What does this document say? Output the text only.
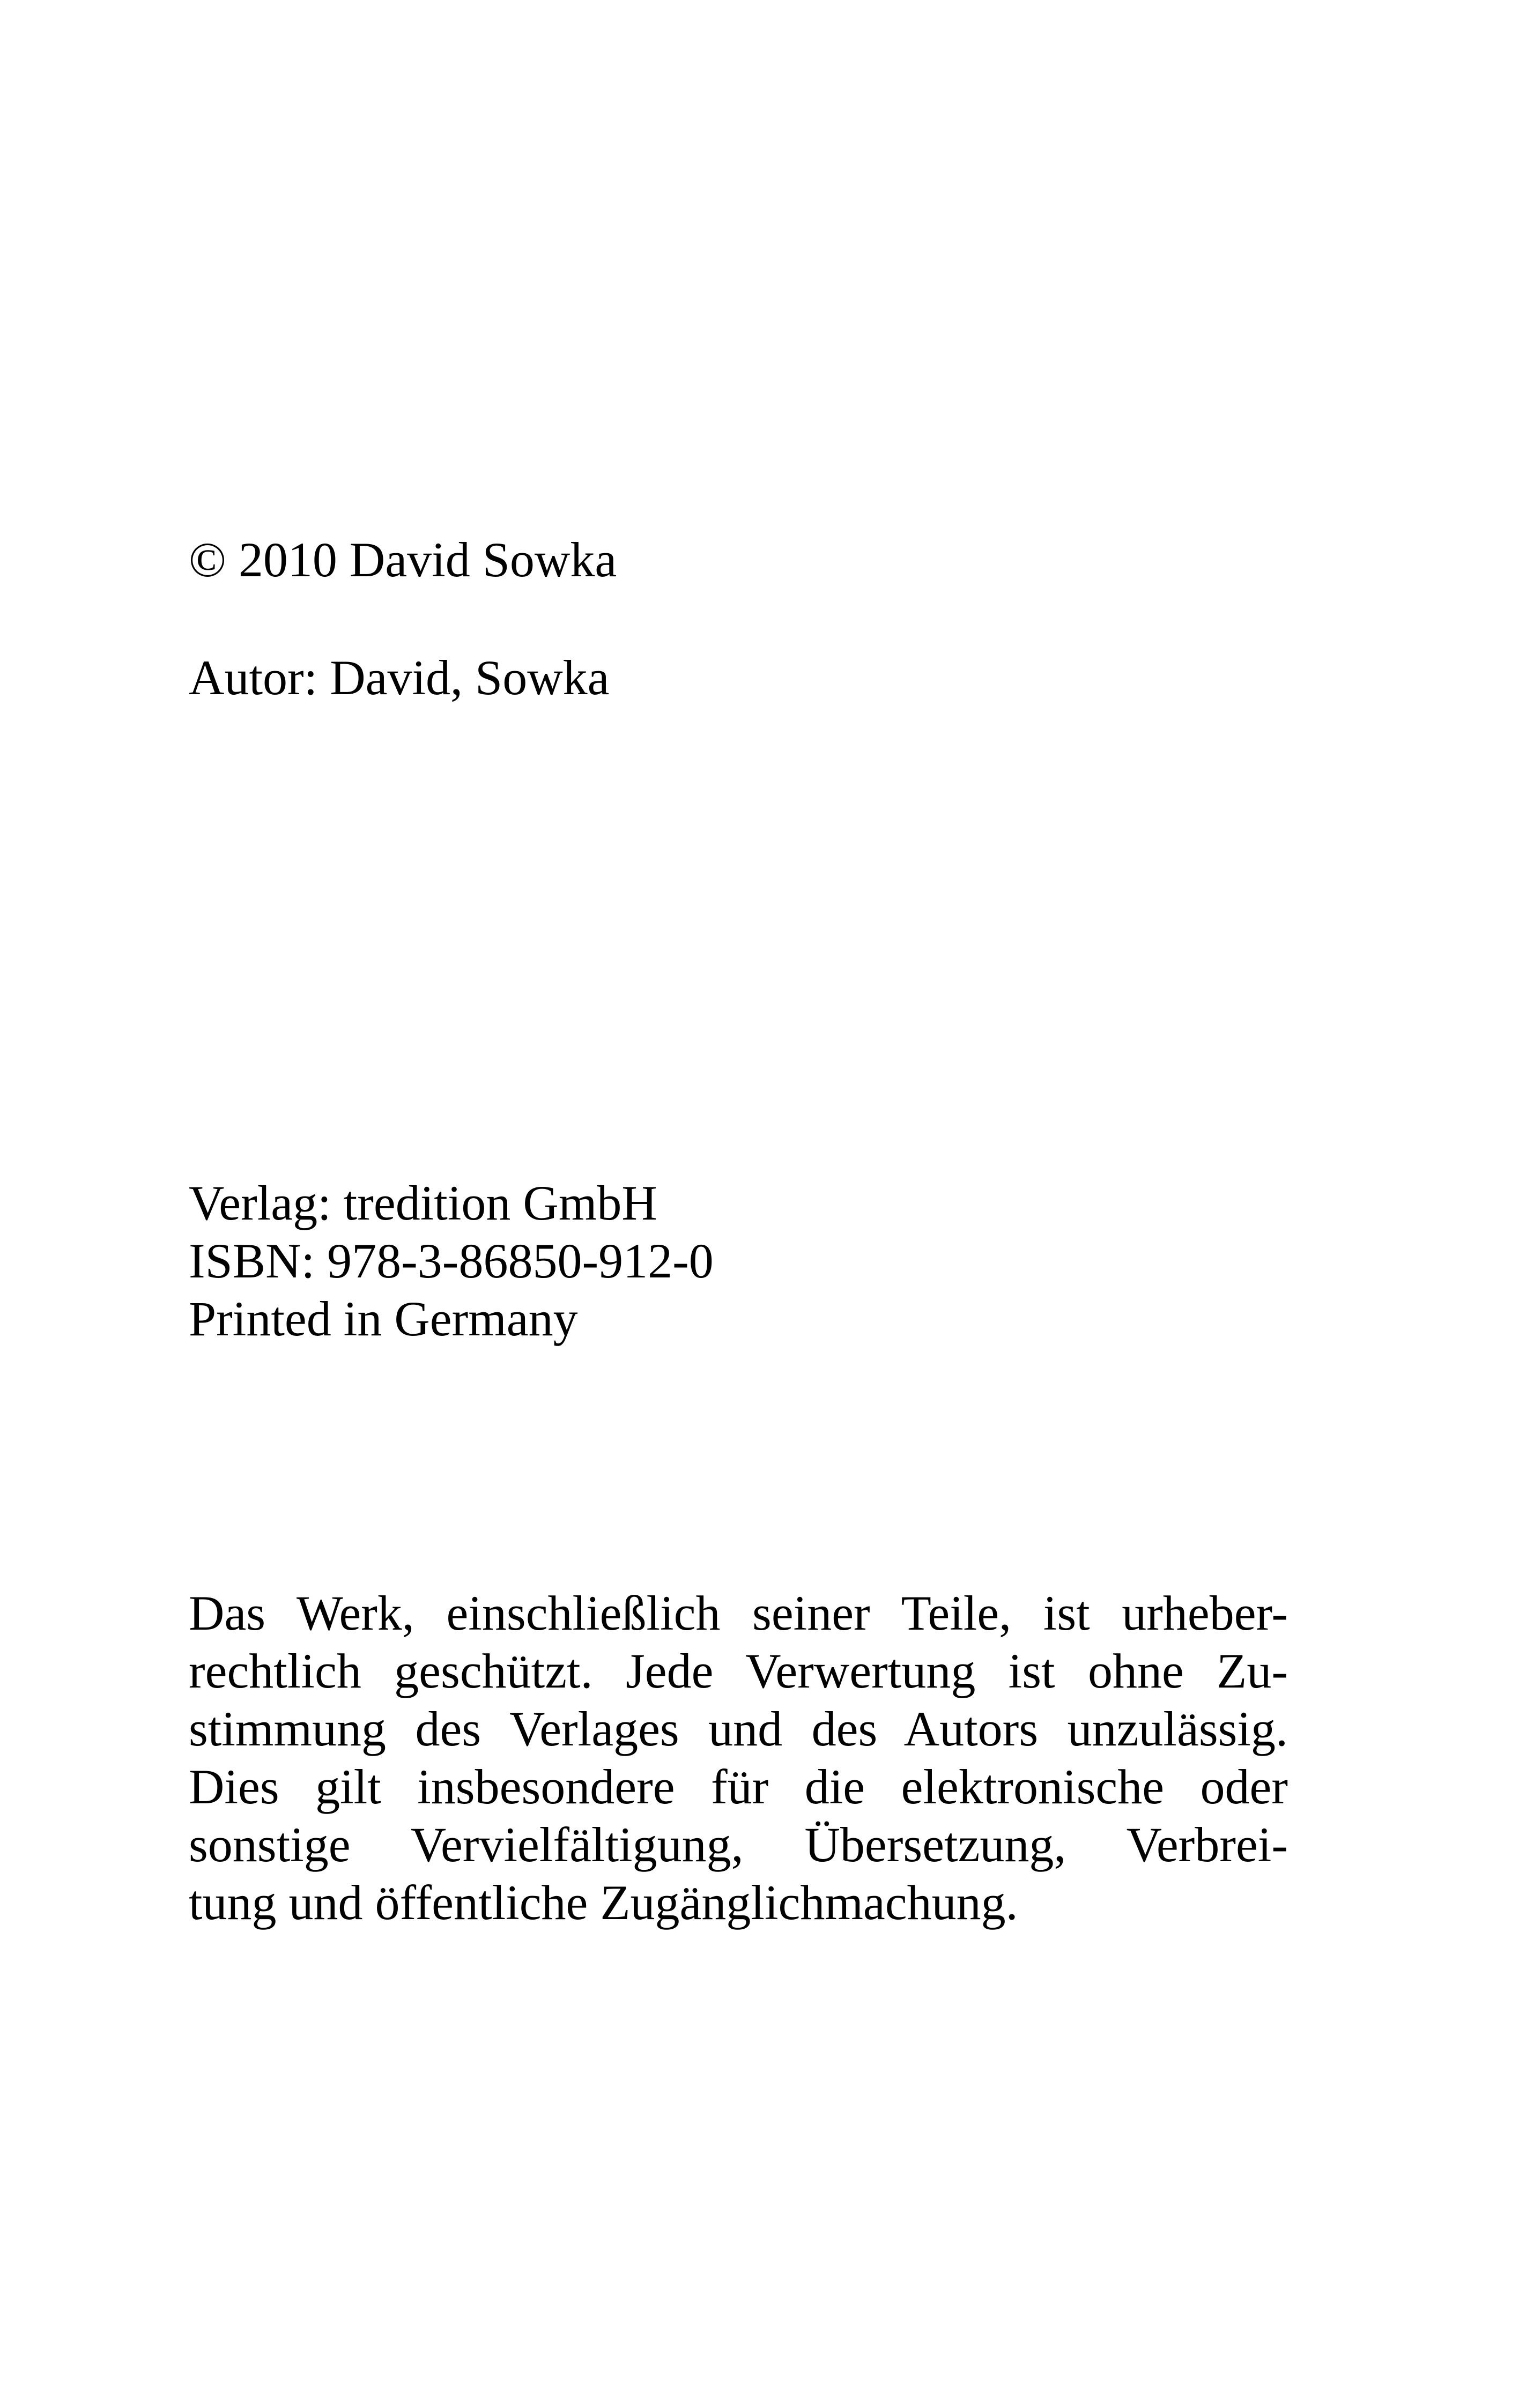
© 2010 David Sowka
Autor: David, Sowka
Verlag: tredition GmbH
ISBN: 978-3-86850-912-0
Printed in Germany
Das Werk, einschließlich seiner Teile, ist urheber-
rechtlich geschützt. Jede Verwertung ist ohne Zu-
stimmung des Verlages und des Autors unzulässig.
Dies gilt insbesondere für die elektronische oder
sonstige Vervielfältigung, Übersetzung, Verbrei-
tung und öffentliche Zugänglichmachung.
